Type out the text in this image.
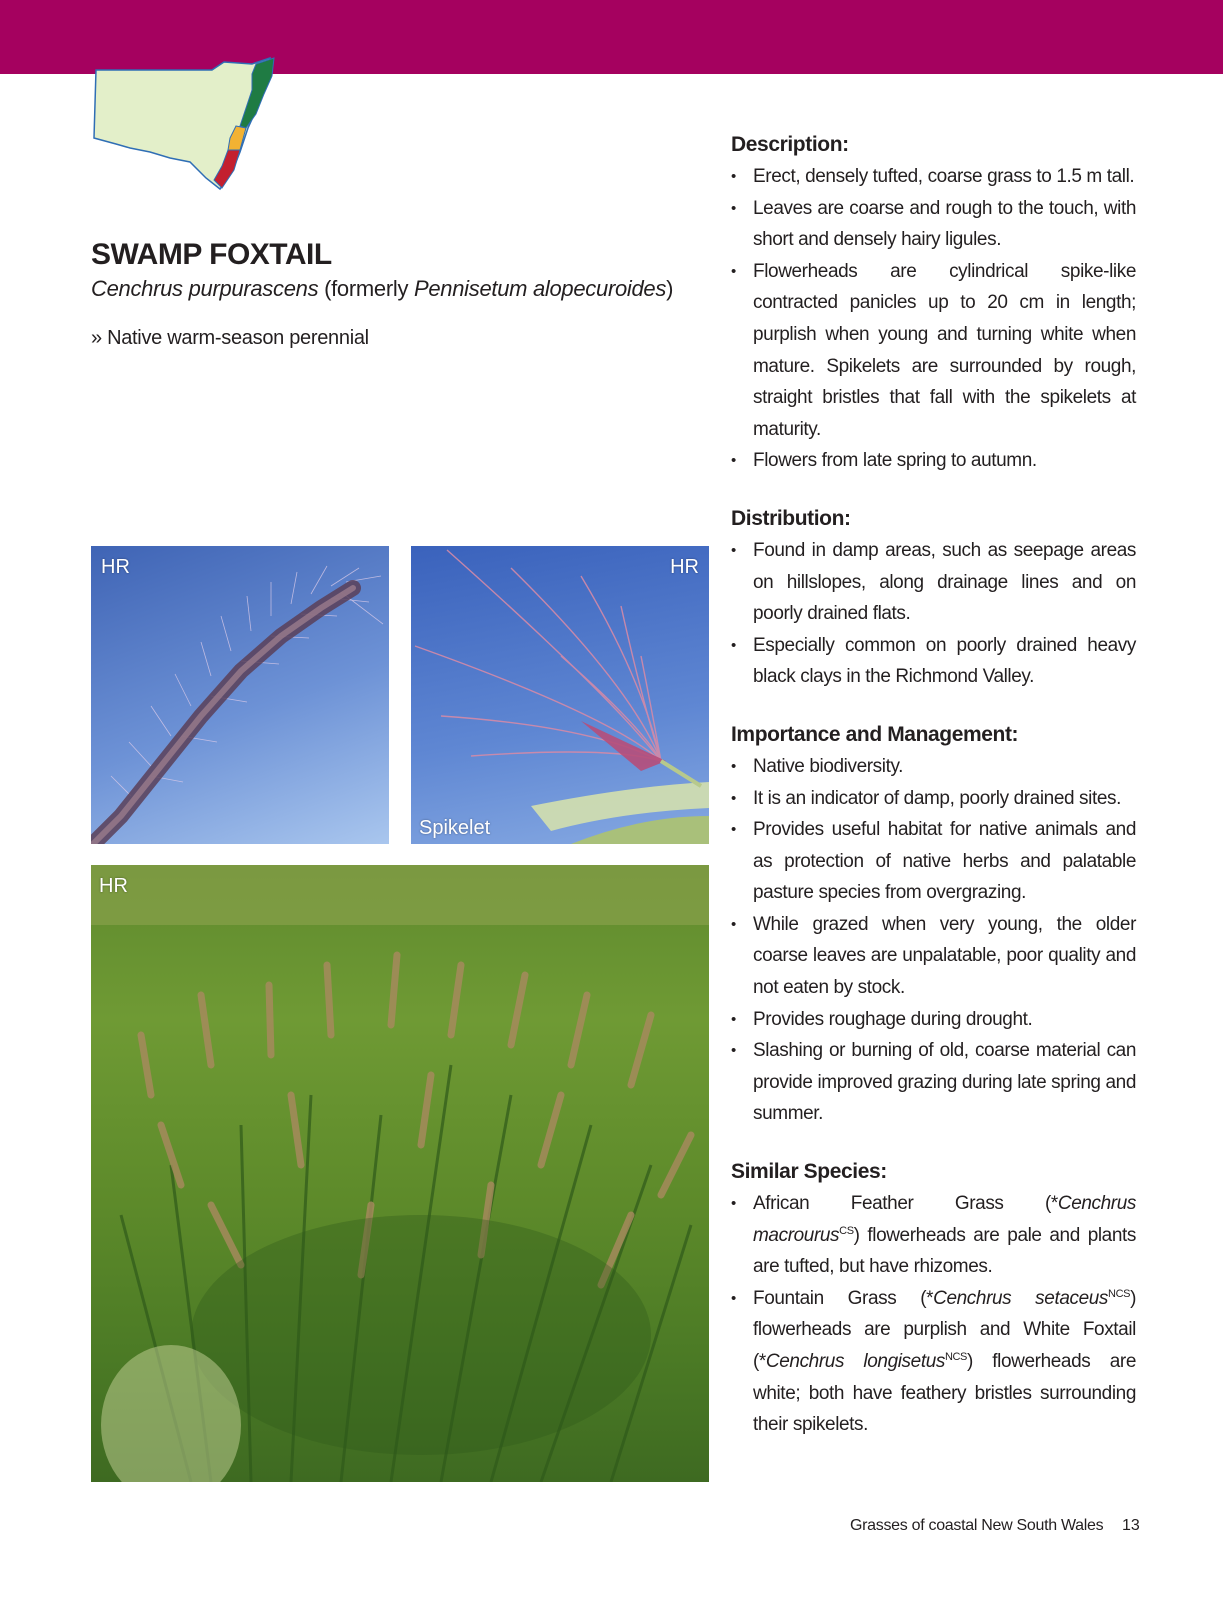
SWAMP FOXTAIL
Cenchrus purpurascens (formerly Pennisetum alopecuroides)
» Native warm-season perennial
HR	HR
Spikelet
HR
Description:
• Erect, densely tufted, coarse grass to 1.5 m tall.
• Leaves are coarse and rough to the touch, with short and densely hairy ligules.
• Flowerheads are cylindrical spike-like contracted panicles up to 20 cm in length; purplish when young and turning white when mature. Spikelets are surrounded by rough, straight bristles that fall with the spikelets at maturity.
• Flowers from late spring to autumn.
Distribution:
• Found in damp areas, such as seepage areas on hillslopes, along drainage lines and on poorly drained flats.
• Especially common on poorly drained heavy black clays in the Richmond Valley.
Importance and Management:
• Native biodiversity.
• It is an indicator of damp, poorly drained sites.
• Provides useful habitat for native animals and as protection of native herbs and palatable pasture species from overgrazing.
• While grazed when very young, the older coarse leaves are unpalatable, poor quality and not eaten by stock.
• Provides roughage during drought.
• Slashing or burning of old, coarse material can provide improved grazing during late spring and summer.
Similar Species:
• African Feather Grass (*Cenchrus macrourus$^{CS}$) flowerheads are pale and plants are tufted, but have rhizomes.
• Fountain Grass (*Cenchrus setaceus$^{NCS}$) flowerheads are purplish and White Foxtail (*Cenchrus longisetus$^{NCS}$) flowerheads are white; both have feathery bristles surrounding their spikelets.
Grasses of coastal New South Wales 13
